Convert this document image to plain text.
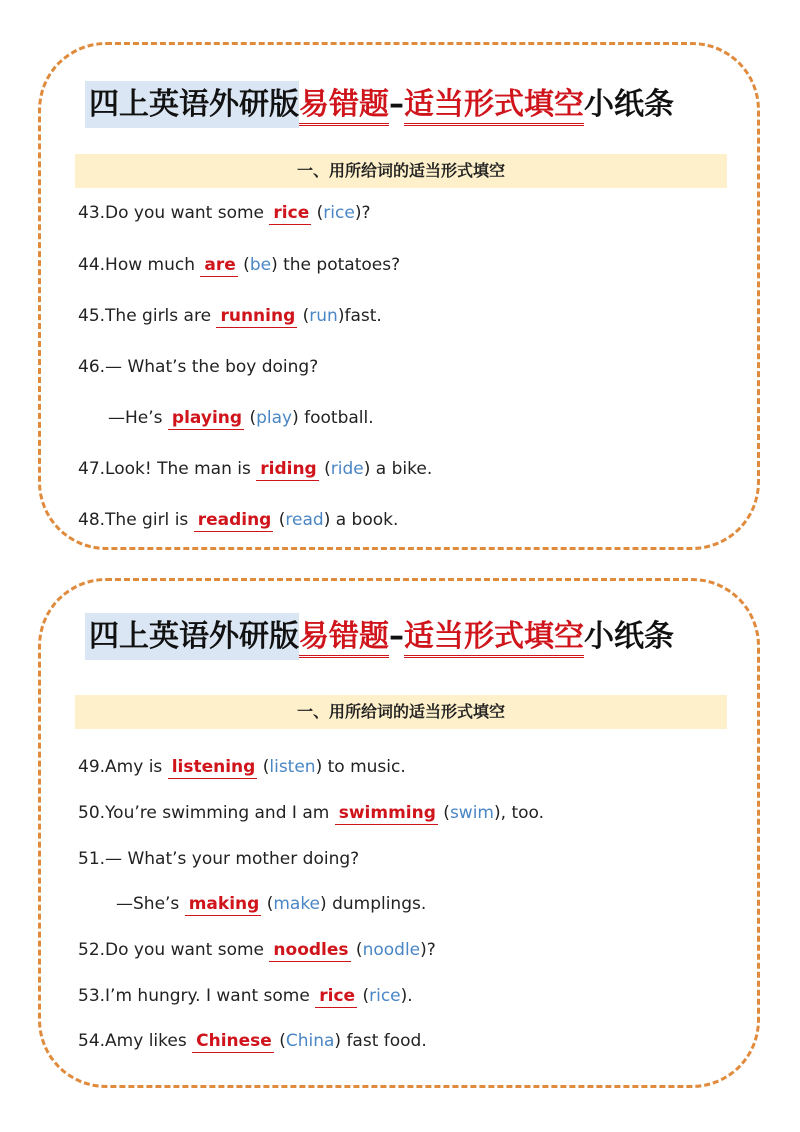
四上英语外研版易错题–适当形式填空小纸条
一、用所给词的适当形式填空
43.Do you want some rice (rice)?
44.How much are (be) the potatoes?
45.The girls are running (run)fast.
46.— What’s the boy doing?
—He’s playing (play) football.
47.Look! The man is riding (ride) a bike.
48.The girl is reading (read) a book.
四上英语外研版易错题–适当形式填空小纸条
一、用所给词的适当形式填空
49.Amy is listening (listen) to music.
50.You’re swimming and I am swimming (swim), too.
51.— What’s your mother doing?
—She’s making (make) dumplings.
52.Do you want some noodles (noodle)?
53.I’m hungry. I want some rice (rice).
54.Amy likes Chinese (China) fast food.
